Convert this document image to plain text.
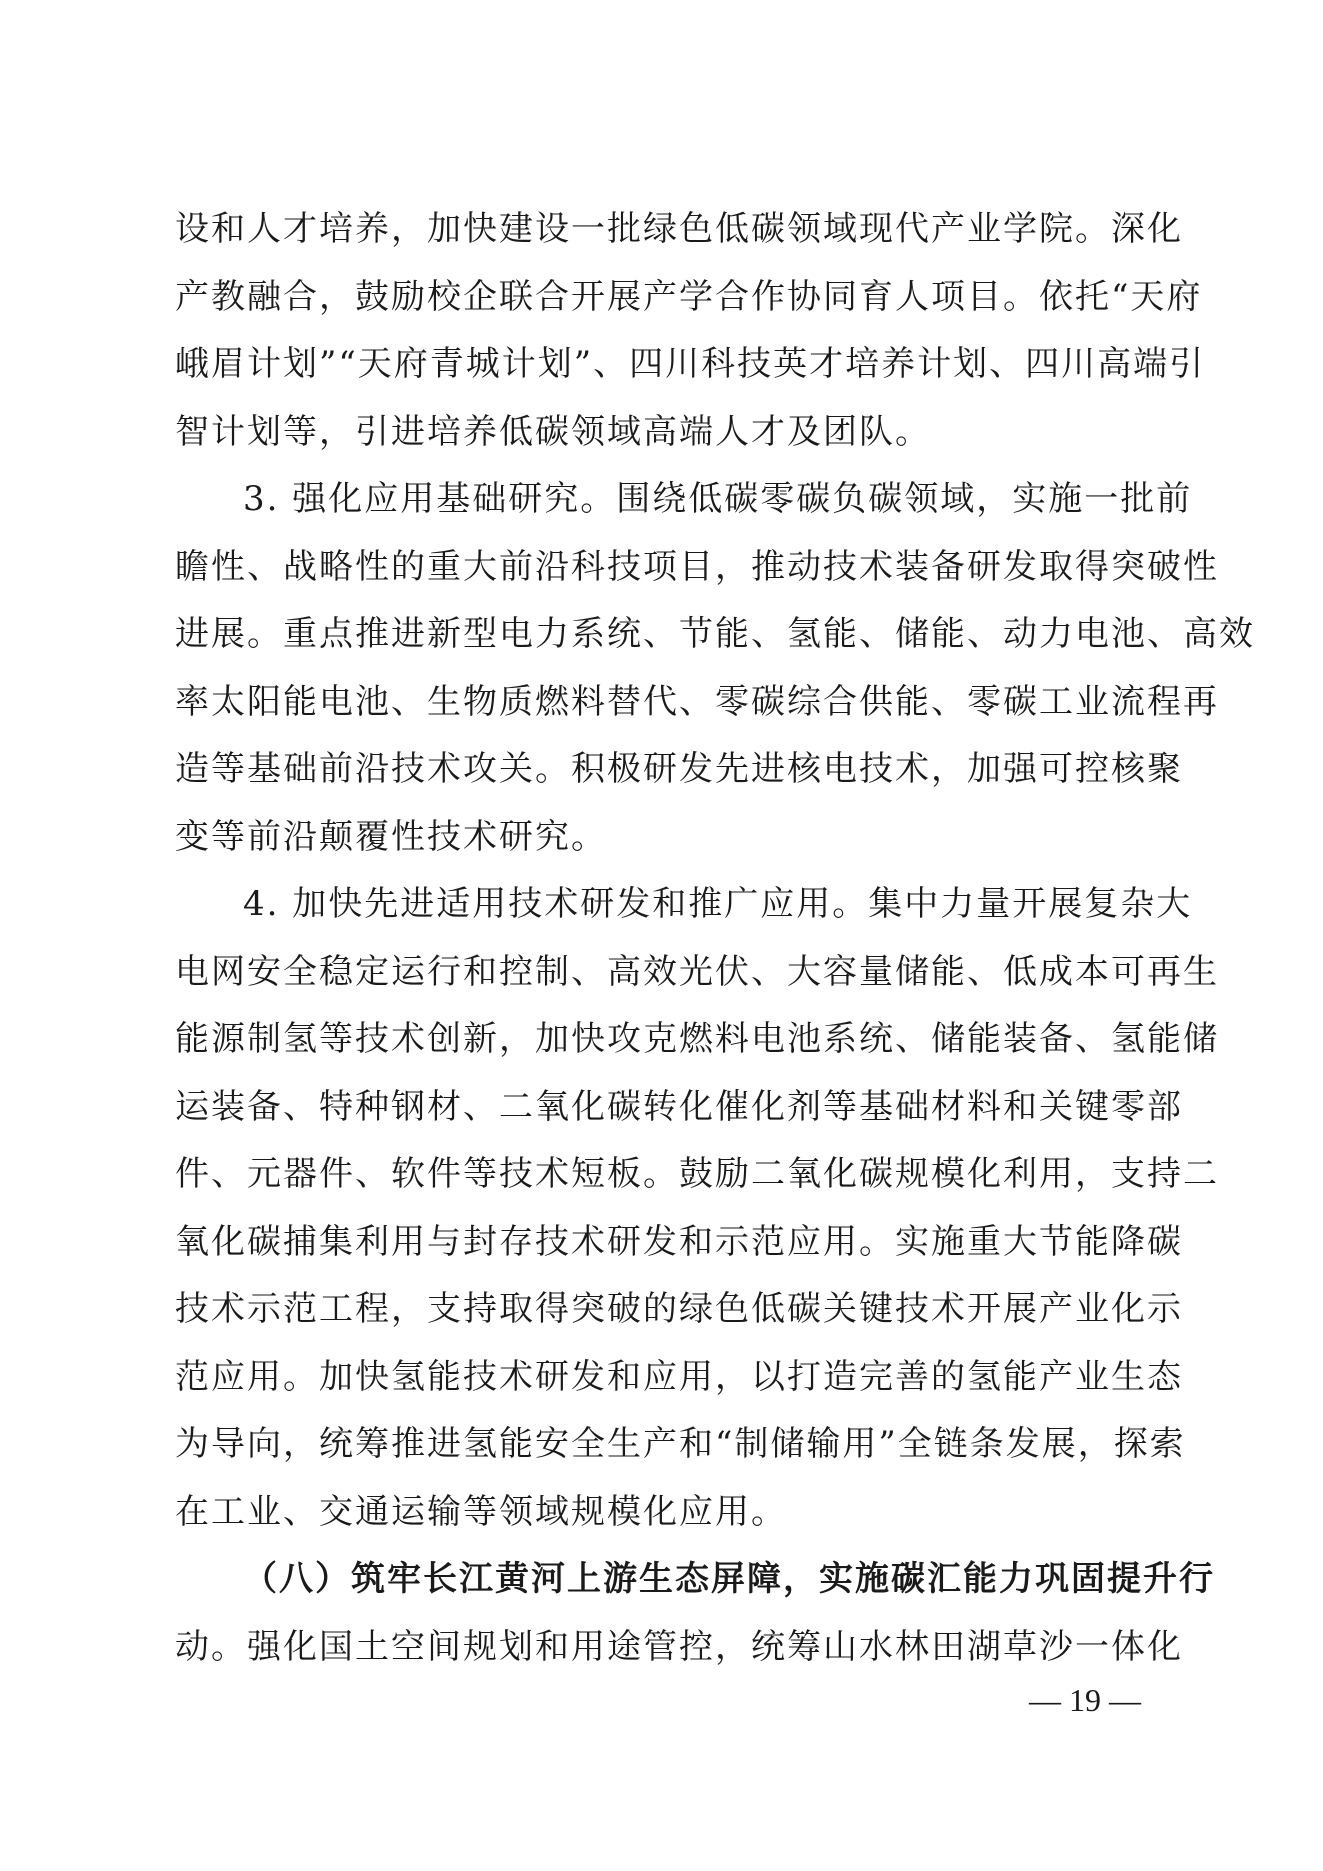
设和人才培养，加快建设一批绿色低碳领域现代产业学院。深化
产教融合，鼓励校企联合开展产学合作协同育人项目。依托“天府
峨眉计划”“天府青城计划”、四川科技英才培养计划、四川高端引
智计划等，引进培养低碳领域高端人才及团队。
3. 强化应用基础研究。围绕低碳零碳负碳领域，实施一批前
瞻性、战略性的重大前沿科技项目，推动技术装备研发取得突破性
进展。重点推进新型电力系统、节能、氢能、储能、动力电池、高效
率太阳能电池、生物质燃料替代、零碳综合供能、零碳工业流程再
造等基础前沿技术攻关。积极研发先进核电技术，加强可控核聚
变等前沿颠覆性技术研究。
4. 加快先进适用技术研发和推广应用。集中力量开展复杂大
电网安全稳定运行和控制、高效光伏、大容量储能、低成本可再生
能源制氢等技术创新，加快攻克燃料电池系统、储能装备、氢能储
运装备、特种钢材、二氧化碳转化催化剂等基础材料和关键零部
件、元器件、软件等技术短板。鼓励二氧化碳规模化利用，支持二
氧化碳捕集利用与封存技术研发和示范应用。实施重大节能降碳
技术示范工程，支持取得突破的绿色低碳关键技术开展产业化示
范应用。加快氢能技术研发和应用，以打造完善的氢能产业生态
为导向，统筹推进氢能安全生产和“制储输用”全链条发展，探索
在工业、交通运输等领域规模化应用。
（八）筑牢长江黄河上游生态屏障，实施碳汇能力巩固提升行
动。强化国土空间规划和用途管控，统筹山水林田湖草沙一体化
— 19 —
